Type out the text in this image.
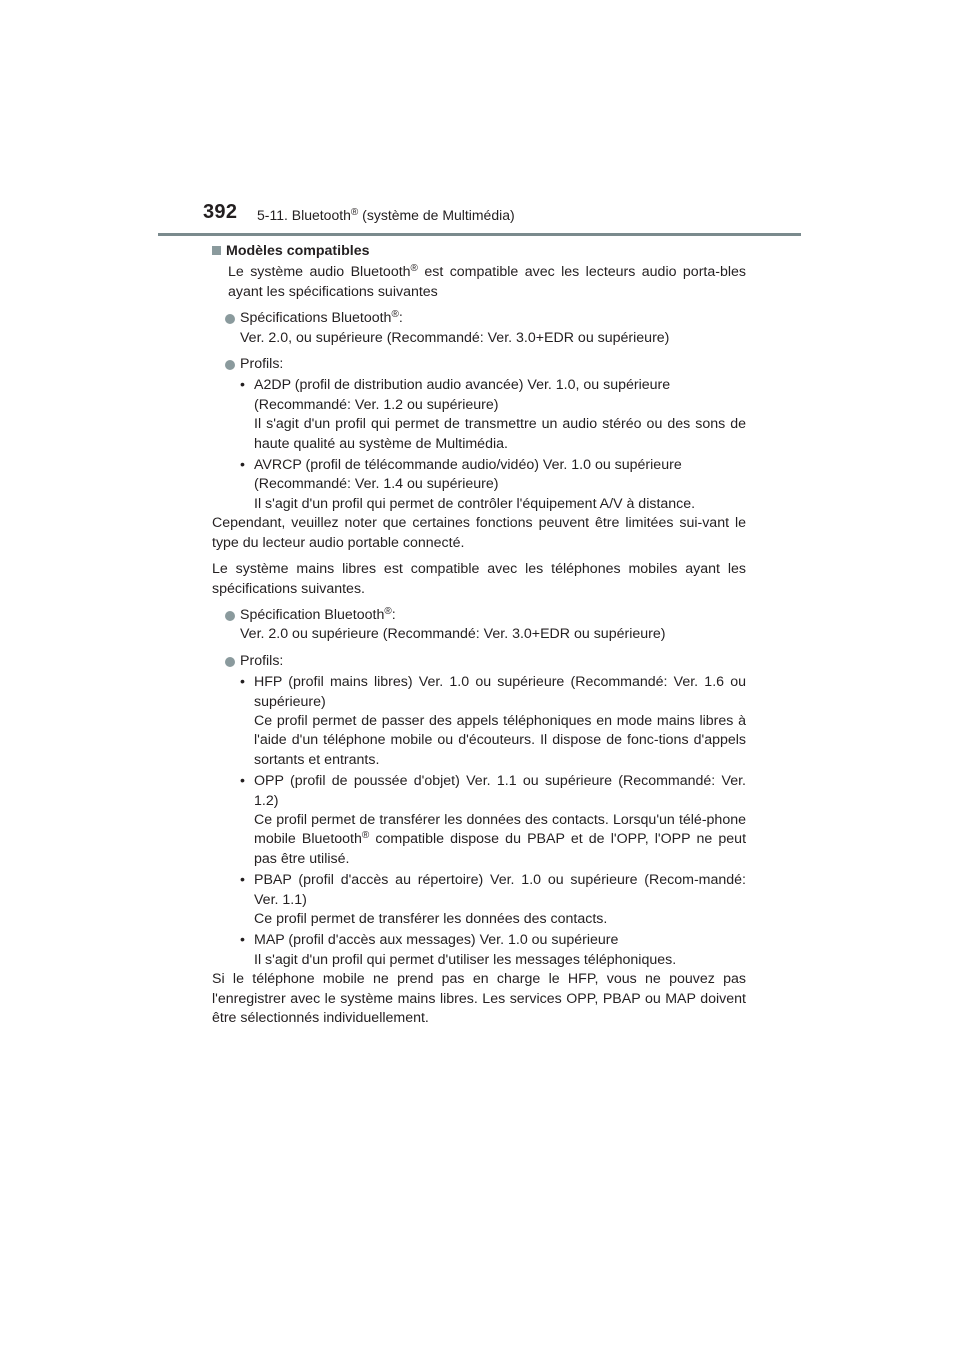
392 5-11. Bluetooth® (système de Multimédia)
Modèles compatibles
Le système audio Bluetooth® est compatible avec les lecteurs audio porta-bles ayant les spécifications suivantes
Spécifications Bluetooth®:
Ver. 2.0, ou supérieure (Recommandé: Ver. 3.0+EDR ou supérieure)
Profils:
• A2DP (profil de distribution audio avancée) Ver. 1.0, ou supérieure
(Recommandé: Ver. 1.2 ou supérieure)
Il s'agit d'un profil qui permet de transmettre un audio stéréo ou des sons de haute qualité au système de Multimédia.
• AVRCP (profil de télécommande audio/vidéo) Ver. 1.0 ou supérieure
(Recommandé: Ver. 1.4 ou supérieure)
Il s'agit d'un profil qui permet de contrôler l'équipement A/V à distance.
Cependant, veuillez noter que certaines fonctions peuvent être limitées sui-vant le type du lecteur audio portable connecté.
Le système mains libres est compatible avec les téléphones mobiles ayant les spécifications suivantes.
Spécification Bluetooth®:
Ver. 2.0 ou supérieure (Recommandé: Ver. 3.0+EDR ou supérieure)
Profils:
• HFP (profil mains libres) Ver. 1.0 ou supérieure (Recommandé: Ver. 1.6 ou supérieure)
Ce profil permet de passer des appels téléphoniques en mode mains libres à l'aide d'un téléphone mobile ou d'écouteurs. Il dispose de fonc-tions d'appels sortants et entrants.
• OPP (profil de poussée d'objet) Ver. 1.1 ou supérieure (Recommandé: Ver. 1.2)
Ce profil permet de transférer les données des contacts. Lorsqu'un télé-phone mobile Bluetooth® compatible dispose du PBAP et de l'OPP, l'OPP ne peut pas être utilisé.
• PBAP (profil d'accès au répertoire) Ver. 1.0 ou supérieure (Recom-mandé: Ver. 1.1)
Ce profil permet de transférer les données des contacts.
• MAP (profil d'accès aux messages) Ver. 1.0 ou supérieure
Il s'agit d'un profil qui permet d'utiliser les messages téléphoniques.
Si le téléphone mobile ne prend pas en charge le HFP, vous ne pouvez pas l'enregistrer avec le système mains libres. Les services OPP, PBAP ou MAP doivent être sélectionnés individuellement.
